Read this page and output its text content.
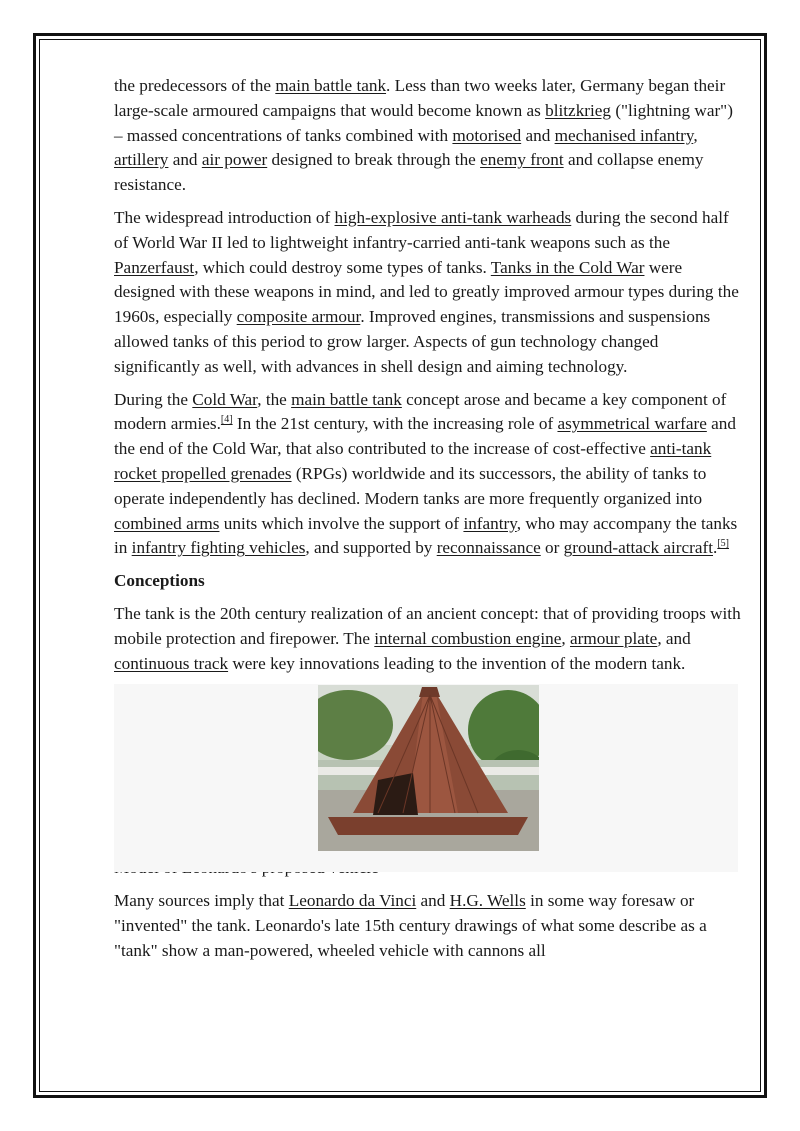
the predecessors of the main battle tank. Less than two weeks later, Germany began their large-scale armoured campaigns that would become known as blitzkrieg ("lightning war") – massed concentrations of tanks combined with motorised and mechanised infantry, artillery and air power designed to break through the enemy front and collapse enemy resistance.

The widespread introduction of high-explosive anti-tank warheads during the second half of World War II led to lightweight infantry-carried anti-tank weapons such as the Panzerfaust, which could destroy some types of tanks. Tanks in the Cold War were designed with these weapons in mind, and led to greatly improved armour types during the 1960s, especially composite armour. Improved engines, transmissions and suspensions allowed tanks of this period to grow larger. Aspects of gun technology changed significantly as well, with advances in shell design and aiming technology.

During the Cold War, the main battle tank concept arose and became a key component of modern armies.[4] In the 21st century, with the increasing role of asymmetrical warfare and the end of the Cold War, that also contributed to the increase of cost-effective anti-tank rocket propelled grenades (RPGs) worldwide and its successors, the ability of tanks to operate independently has declined. Modern tanks are more frequently organized into combined arms units which involve the support of infantry, who may accompany the tanks in infantry fighting vehicles, and supported by reconnaissance or ground-attack aircraft.[5]

Conceptions

The tank is the 20th century realization of an ancient concept: that of providing troops with mobile protection and firepower. The internal combustion engine, armour plate, and continuous track were key innovations leading to the invention of the modern tank.

Many sources imply that Leonardo da Vinci and H.G. Wells in some way foresaw or "invented" the tank. Leonardo's late 15th century drawings of what some describe as a "tank" show a man-powered, wheeled vehicle with cannons all
